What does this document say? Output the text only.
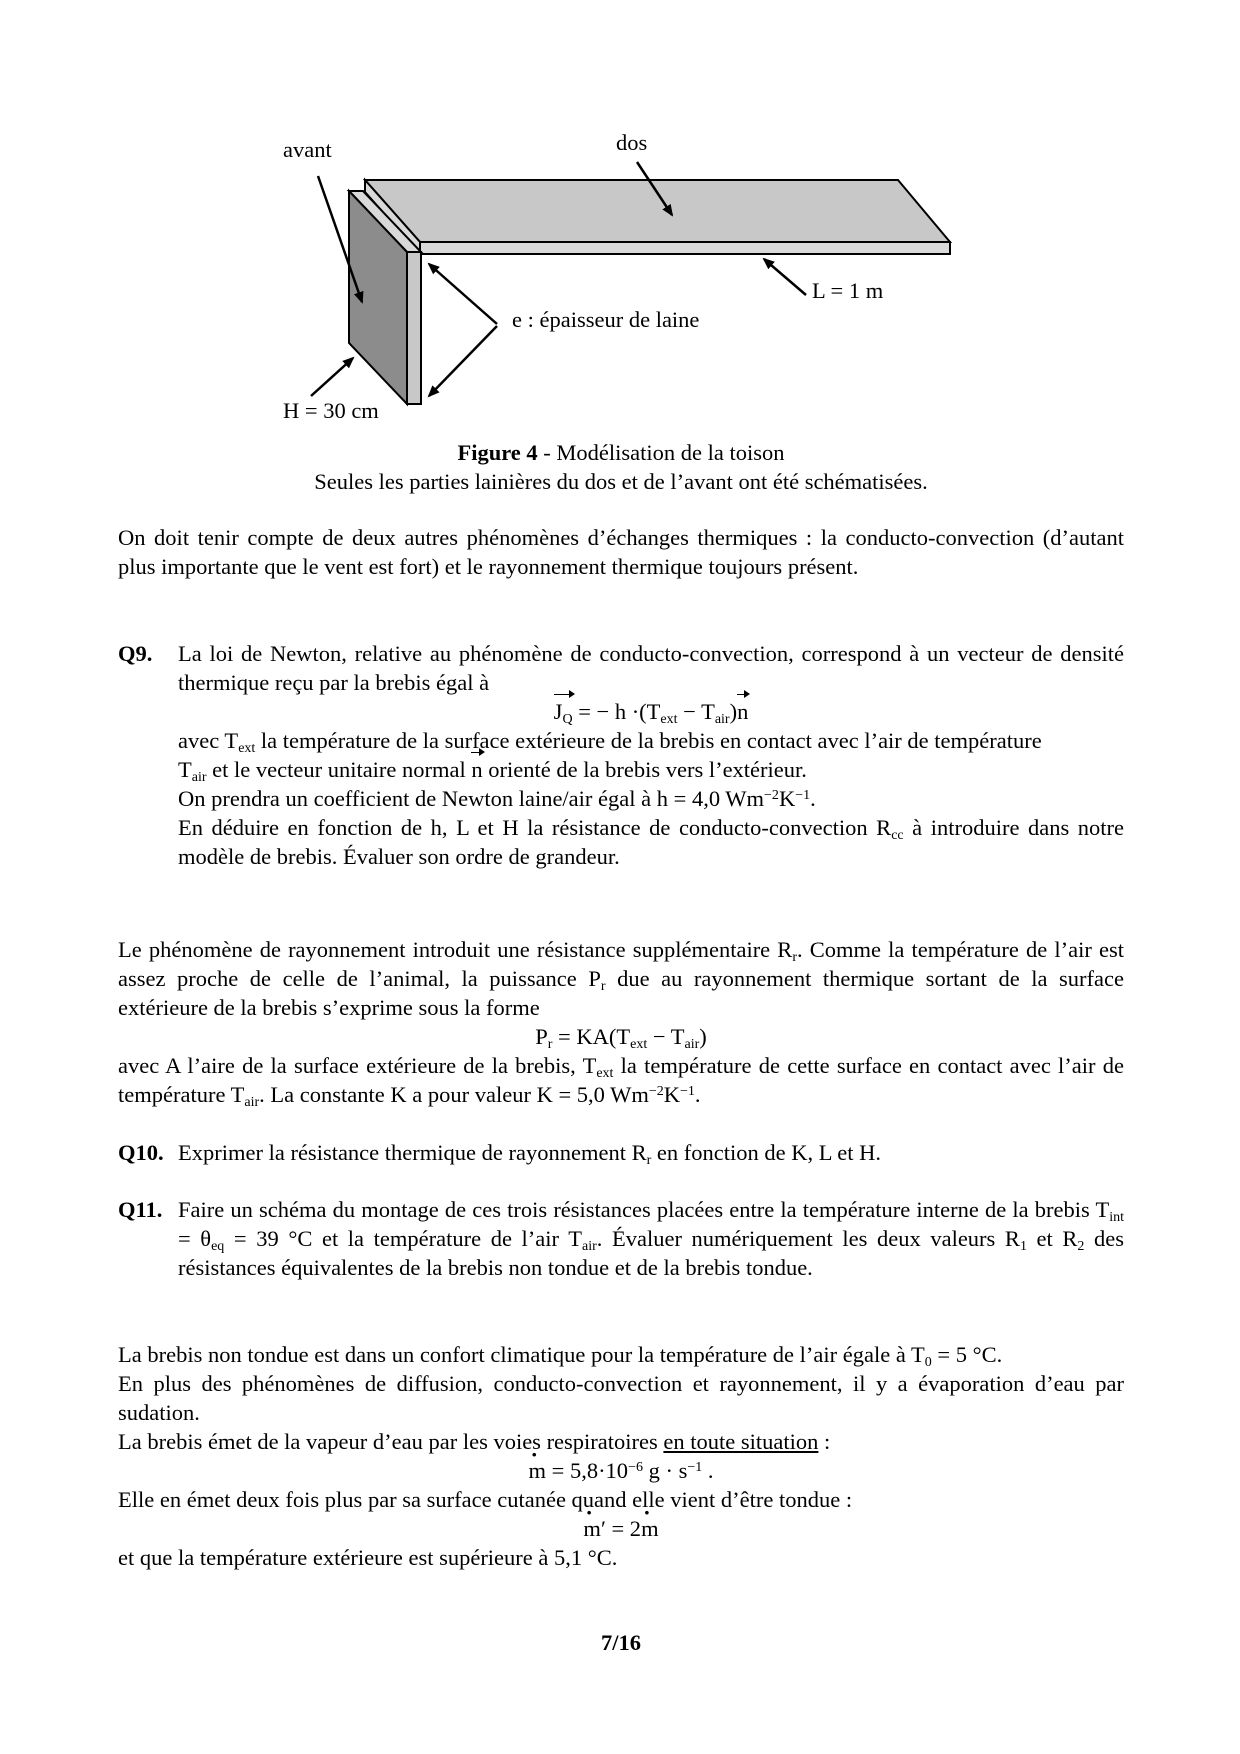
avant	dos
L = 1 m
e : épaisseur de laine
H = 30 cm
Figure 4 - Modélisation de la toison
Seules les parties lainières du dos et de l’avant ont été schématisées.
On doit tenir compte de deux autres phénomènes d’échanges thermiques : la conducto-convection (d’autant plus importante que le vent est fort) et le rayonnement thermique toujours présent.
Q9. La loi de Newton, relative au phénomène de conducto-convection, correspond à un vecteur de densité thermique reçu par la brebis égal à
$J_Q$ = − $h \cdot(T_{ext} - T_{air})n$
avec $T_{ext}$ la température de la surface extérieure de la brebis en contact avec l’air de température
$T_{air}$ et le vecteur unitaire normal n orienté de la brebis vers l’extérieur.
On prendra un coefficient de Newton laine/air égal à h = 4,0 $Wm^{-2}K^{-1}$.
En déduire en fonction de h, L et H la résistance de conducto-convection $R_{cc}$ à introduire dans notre modèle de brebis. Évaluer son ordre de grandeur.
Le phénomène de rayonnement introduit une résistance supplémentaire $R_r$. Comme la température de l’air est assez proche de celle de l’animal, la puissance $P_r$ due au rayonnement thermique sortant de la surface extérieure de la brebis s’exprime sous la forme
$P_r = KA(T_{ext} - T_{air})$
avec A l’aire de la surface extérieure de la brebis, $T_{ext}$ la température de cette surface en contact avec l’air de température $T_{air}$. La constante K a pour valeur K = 5,0 $Wm^{-2}K^{-1}$.
Q10. Exprimer la résistance thermique de rayonnement $R_r$ en fonction de K, L et H.
Q11. Faire un schéma du montage de ces trois résistances placées entre la température interne de la brebis $T_{int} = \theta_{eq} = 39$ °C et la température de l’air $T_{air}$. Évaluer numériquement les deux valeurs $R_1$ et $R_2$ des résistances équivalentes de la brebis non tondue et de la brebis tondue.
La brebis non tondue est dans un confort climatique pour la température de l’air égale à $T_0 = 5$ °C.
En plus des phénomènes de diffusion, conducto-convection et rayonnement, il y a évaporation d’eau par sudation.
La brebis émet de la vapeur d’eau par les voies respiratoires en toute situation :
m · = $5,8\cdot 10^{-6}$ $g \cdot s^{-1}$ .
Elle en émet deux fois plus par sa surface cutanée quand elle vient d’être tondue :
m ·′ = 2m ·
et que la température extérieure est supérieure à 5,1 °C.
7/16
